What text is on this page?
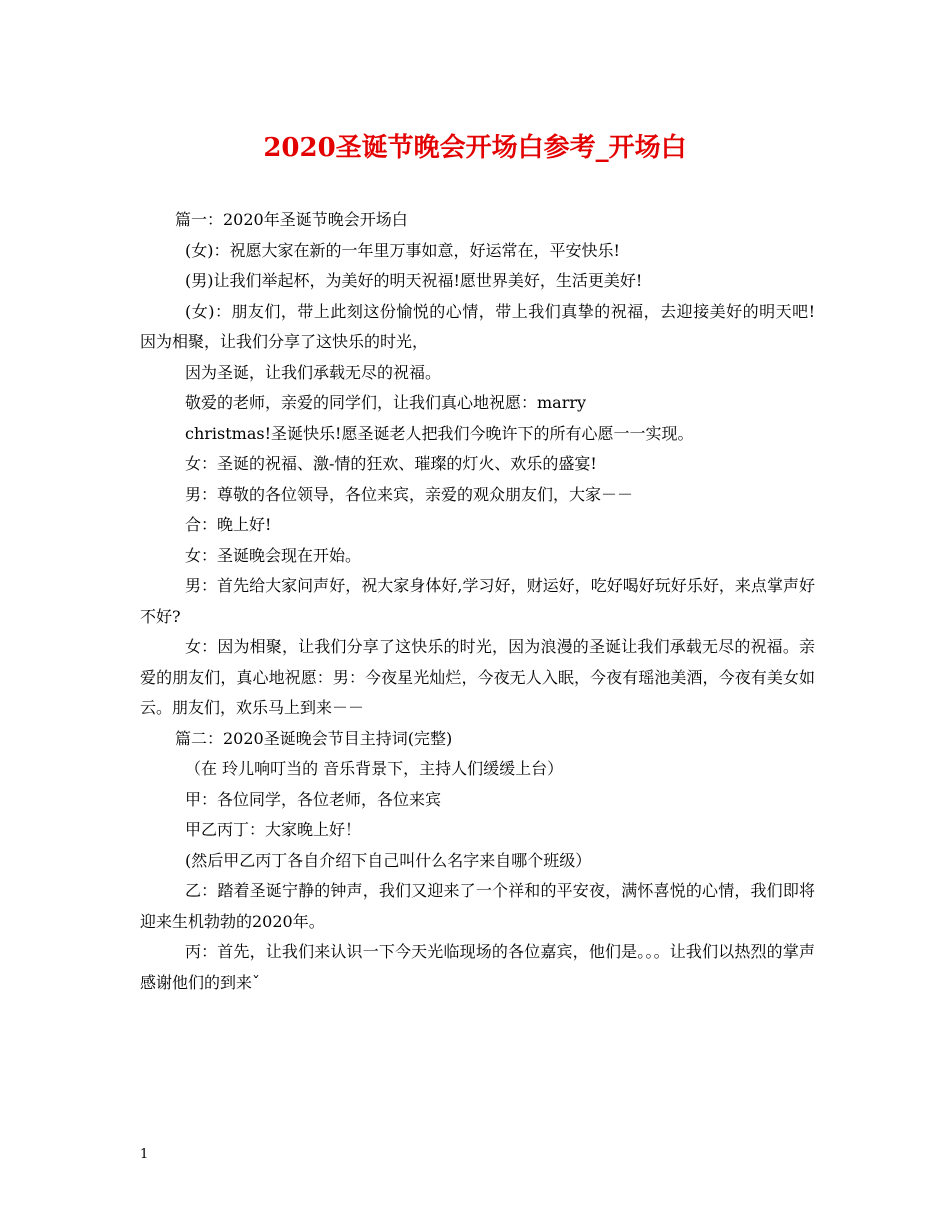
2020圣诞节晚会开场白参考_开场白

篇一：2020年圣诞节晚会开场白

(女)：祝愿大家在新的一年里万事如意，好运常在，平安快乐!

(男)让我们举起杯，为美好的明天祝福!愿世界美好，生活更美好!

(女)：朋友们，带上此刻这份愉悦的心情，带上我们真挚的祝福，去迎接美好的明天吧! 因为相聚，让我们分享了这快乐的时光，

因为圣诞，让我们承载无尽的祝福。

敬爱的老师，亲爱的同学们，让我们真心地祝愿：marry

christmas!圣诞快乐!愿圣诞老人把我们今晚许下的所有心愿一一实现。

女：圣诞的祝福、激-情的狂欢、璀璨的灯火、欢乐的盛宴!

男：尊敬的各位领导，各位来宾，亲爱的观众朋友们，大家－－

合：晚上好!

女：圣诞晚会现在开始。

男：首先给大家问声好，祝大家身体好,学习好，财运好，吃好喝好玩好乐好，来点掌声好不好?

女：因为相聚，让我们分享了这快乐的时光，因为浪漫的圣诞让我们承载无尽的祝福。亲爱的朋友们，真心地祝愿：男：今夜星光灿烂，今夜无人入眠，今夜有瑶池美酒，今夜有美女如云。朋友们，欢乐马上到来－－

篇二：2020圣诞晚会节目主持词(完整)

（在 玲儿响叮当的 音乐背景下，主持人们缓缓上台）

甲：各位同学，各位老师，各位来宾

甲乙丙丁：大家晚上好！

(然后甲乙丙丁各自介绍下自己叫什么名字来自哪个班级）

乙：踏着圣诞宁静的钟声，我们又迎来了一个祥和的平安夜，满怀喜悦的心情，我们即将迎来生机勃勃的2020年。

丙：首先，让我们来认识一下今天光临现场的各位嘉宾，他们是。。。让我们以热烈的掌声感谢他们的到来ˇ

1
